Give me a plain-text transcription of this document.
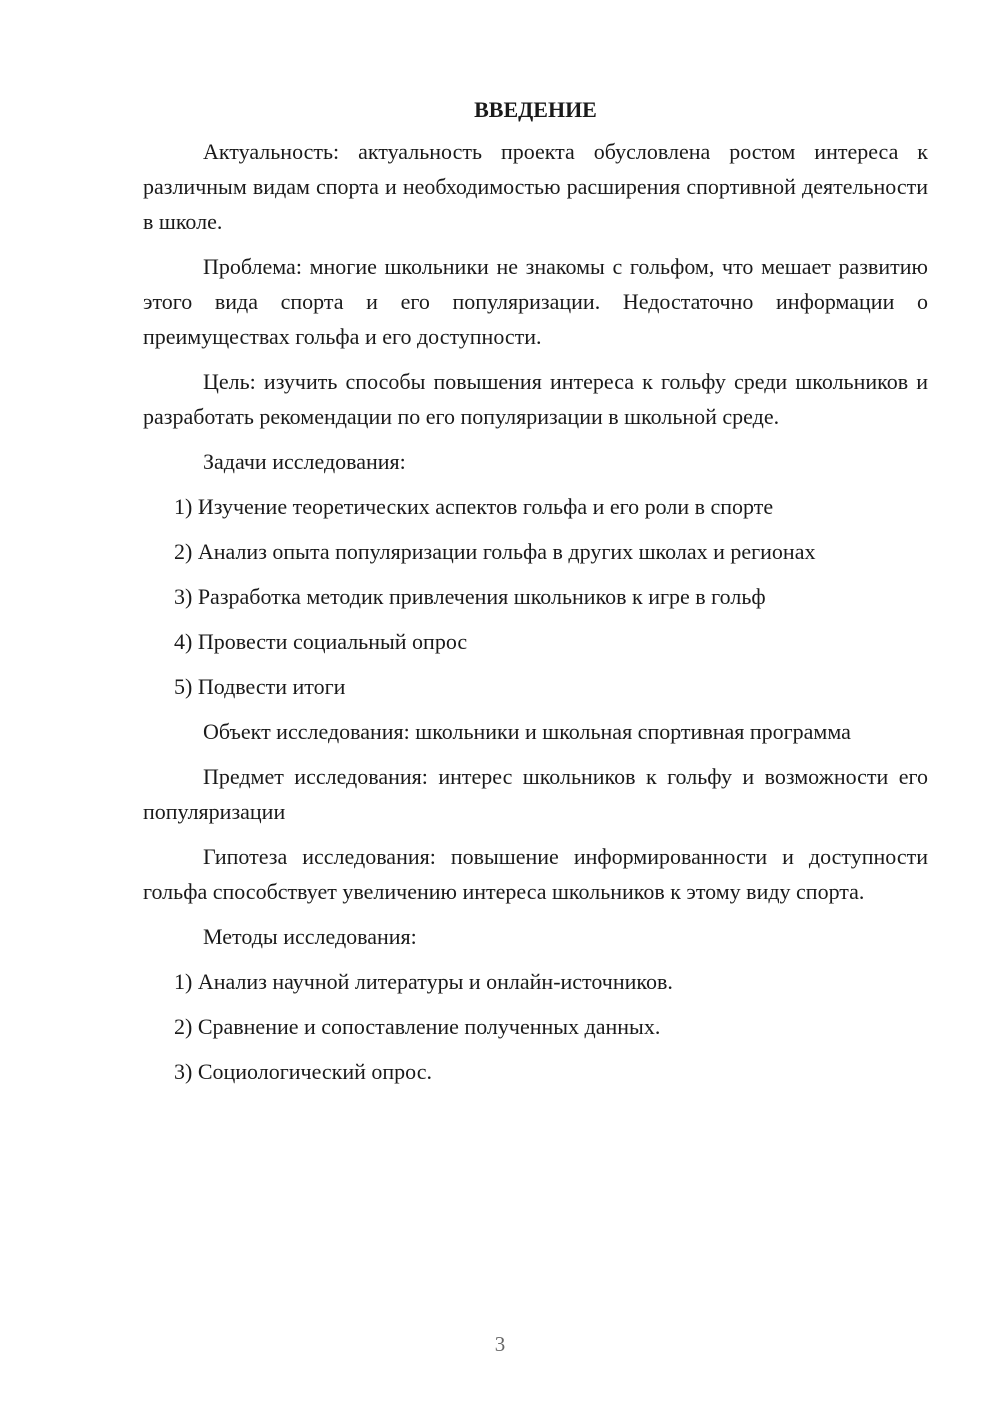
ВВЕДЕНИЕ

Актуальность: актуальность проекта обусловлена ростом интереса к различным видам спорта и необходимостью расширения спортивной деятельности в школе.

Проблема: многие школьники не знакомы с гольфом, что мешает развитию этого вида спорта и его популяризации. Недостаточно информации о преимуществах гольфа и его доступности.

Цель: изучить способы повышения интереса к гольфу среди школьников и разработать рекомендации по его популяризации в школьной среде.

Задачи исследования:

1) Изучение теоретических аспектов гольфа и его роли в спорте
2) Анализ опыта популяризации гольфа в других школах и регионах
3) Разработка методик привлечения школьников к игре в гольф
4) Провести социальный опрос
5) Подвести итоги

Объект исследования: школьники и школьная спортивная программа

Предмет исследования: интерес школьников к гольфу и возможности его популяризации

Гипотеза исследования: повышение информированности и доступности гольфа способствует увеличению интереса школьников к этому виду спорта.

Методы исследования:

1) Анализ научной литературы и онлайн-источников.
2) Сравнение и сопоставление полученных данных.
3) Социологический опрос.
3
